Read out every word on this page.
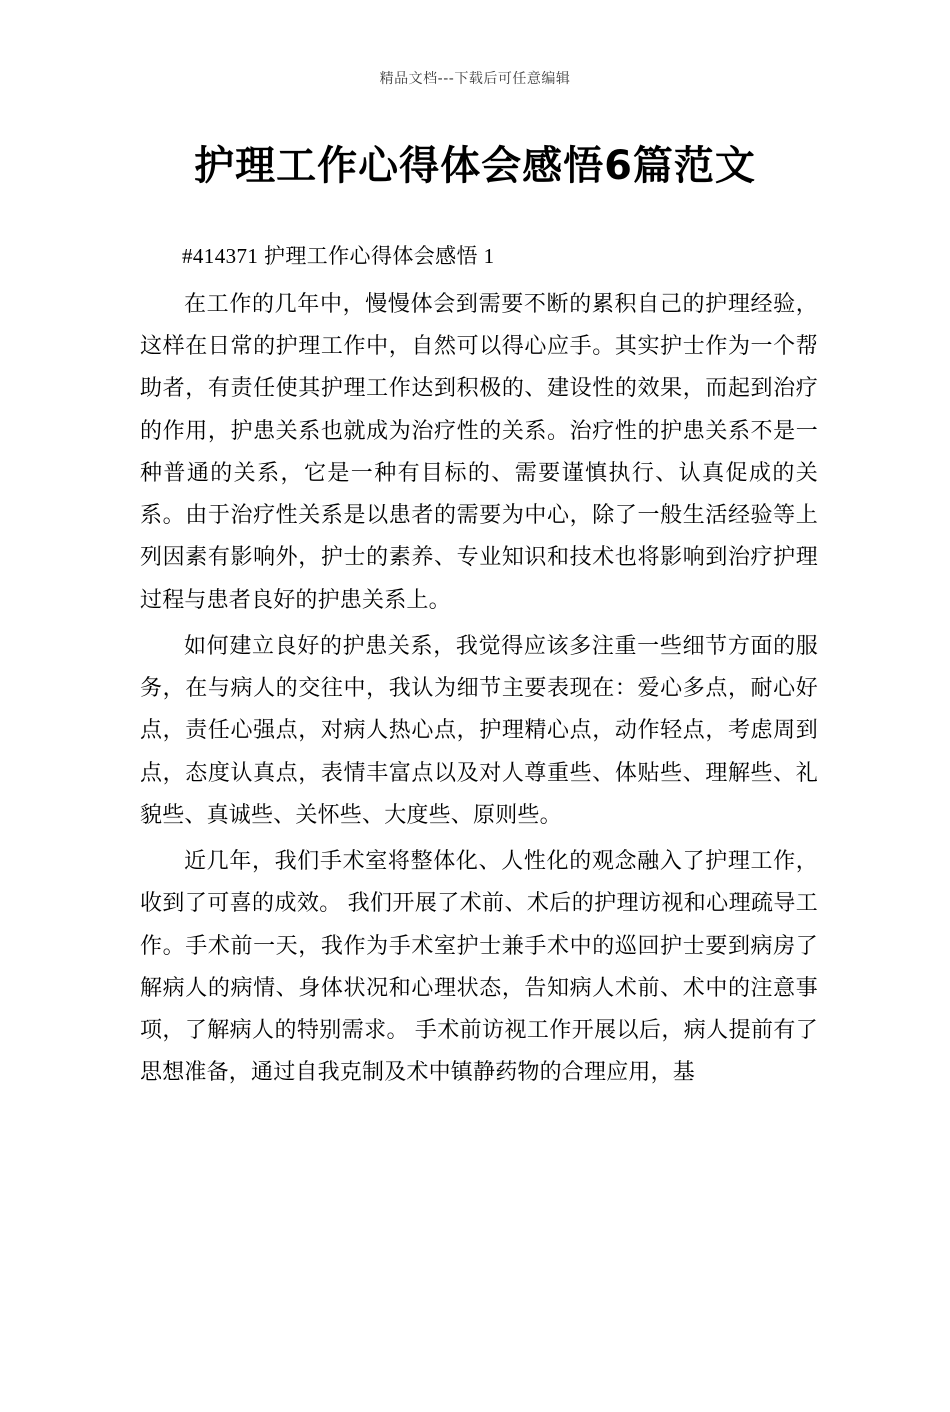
精品文档---下载后可任意编辑
护理工作心得体会感悟6篇范文
#414371 护理工作心得体会感悟 1

在工作的几年中，慢慢体会到需要不断的累积自己的护理经验，这样在日常的护理工作中，自然可以得心应手。其实护士作为一个帮助者，有责任使其护理工作达到积极的、建设性的效果，而起到治疗的作用，护患关系也就成为治疗性的关系。治疗性的护患关系不是一种普通的关系，它是一种有目标的、需要谨慎执行、认真促成的关系。由于治疗性关系是以患者的需要为中心，除了一般生活经验等上列因素有影响外，护士的素养、专业知识和技术也将影响到治疗护理过程与患者良好的护患关系上。

如何建立良好的护患关系，我觉得应该多注重一些细节方面的服务，在与病人的交往中，我认为细节主要表现在：爱心多点，耐心好点，责任心强点，对病人热心点，护理精心点，动作轻点，考虑周到点，态度认真点，表情丰富点以及对人尊重些、体贴些、理解些、礼貌些、真诚些、关怀些、大度些、原则些。

近几年，我们手术室将整体化、人性化的观念融入了护理工作，收到了可喜的成效。 我们开展了术前、术后的护理访视和心理疏导工作。手术前一天，我作为手术室护士兼手术中的巡回护士要到病房了解病人的病情、身体状况和心理状态，告知病人术前、术中的注意事项，了解病人的特别需求。 手术前访视工作开展以后，病人提前有了思想准备，通过自我克制及术中镇静药物的合理应用，基
